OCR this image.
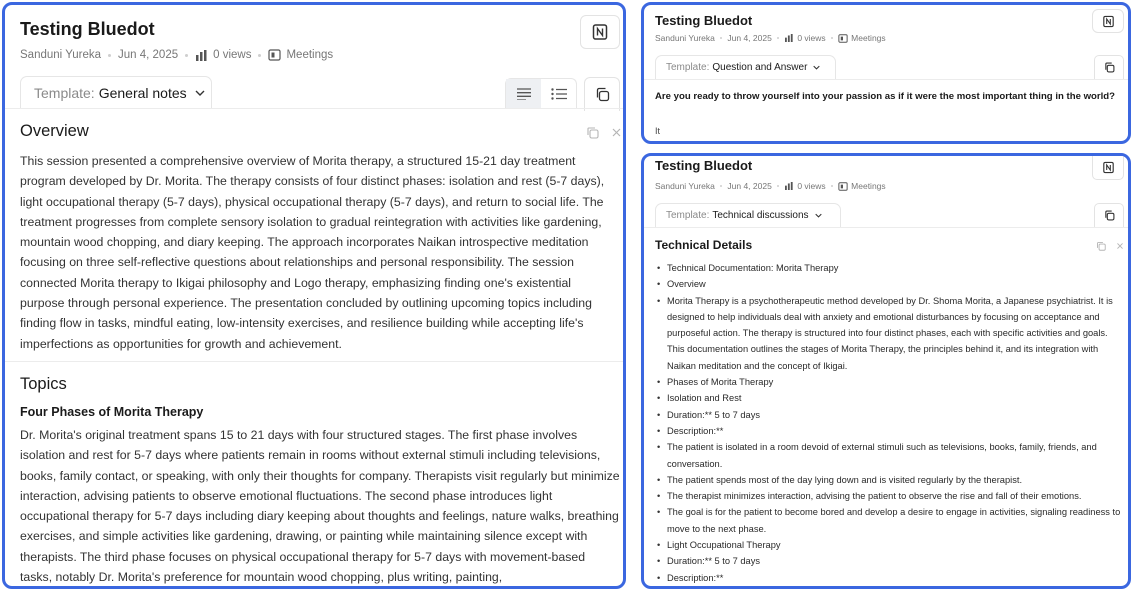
Testing Bluedot
Sanduni Yureka Jun 4, 2025	0 views	Meetings
Template: General notes
Overview

This session presented a comprehensive overview of Morita therapy, a structured 15-21 day treatment program developed by Dr. Morita. The therapy consists of four distinct phases: isolation and rest (5-7 days), light occupational therapy (5-7 days), physical occupational therapy (5-7 days), and return to social life. The treatment progresses from complete sensory isolation to gradual reintegration with activities like gardening, mountain wood chopping, and diary keeping. The approach incorporates Naikan introspective meditation focusing on three self-reflective questions about relationships and personal responsibility. The session connected Morita therapy to Ikigai philosophy and Logo therapy, emphasizing finding one's existential purpose through personal experience. The presentation concluded by outlining upcoming topics including finding flow in tasks, mindful eating, low-intensity exercises, and resilience building while accepting life's imperfections as opportunities for growth and achievement.

Topics
Four Phases of Morita Therapy

Dr. Morita's original treatment spans 15 to 21 days with four structured stages. The first phase involves isolation and rest for 5-7 days where patients remain in rooms without external stimuli including televisions, books, family contact, or speaking, with only their thoughts for company. Therapists visit regularly but minimize interaction, advising patients to observe emotional fluctuations. The second phase introduces light occupational therapy for 5-7 days including diary keeping about thoughts and feelings, nature walks, breathing exercises, and simple activities like gardening, drawing, or painting while maintaining silence except with therapists. The third phase focuses on physical occupational therapy for 5-7 days with movement-based tasks, notably Dr. Morita's preference for mountain wood chopping, plus writing, painting,

Testing Bluedot
Sanduni Yureka Jun 4, 2025	0 views	Meetings
Template: Question and Answer

Are you ready to throw yourself into your passion as if it were the most important thing in the world?

It

Testing Bluedot
Sanduni Yureka Jun 4, 2025	0 views	Meetings
Template: Technical discussions
Technical Details
• Technical Documentation: Morita Therapy
• Overview
• Morita Therapy is a psychotherapeutic method developed by Dr. Shoma Morita, a Japanese psychiatrist. It is designed to help individuals deal with anxiety and emotional disturbances by focusing on acceptance and purposeful action. The therapy is structured into four distinct phases, each with specific activities and goals. This documentation outlines the stages of Morita Therapy, the principles behind it, and its integration with Naikan meditation and the concept of Ikigai.
• Phases of Morita Therapy
• Isolation and Rest
• Duration:** 5 to 7 days
• Description:**
• The patient is isolated in a room devoid of external stimuli such as televisions, books, family, friends, and conversation.
• The patient spends most of the day lying down and is visited regularly by the therapist.
• The therapist minimizes interaction, advising the patient to observe the rise and fall of their emotions.
• The goal is for the patient to become bored and develop a desire to engage in activities, signaling readiness to move to the next phase.
• Light Occupational Therapy
• Duration:** 5 to 7 days
• Description:**
